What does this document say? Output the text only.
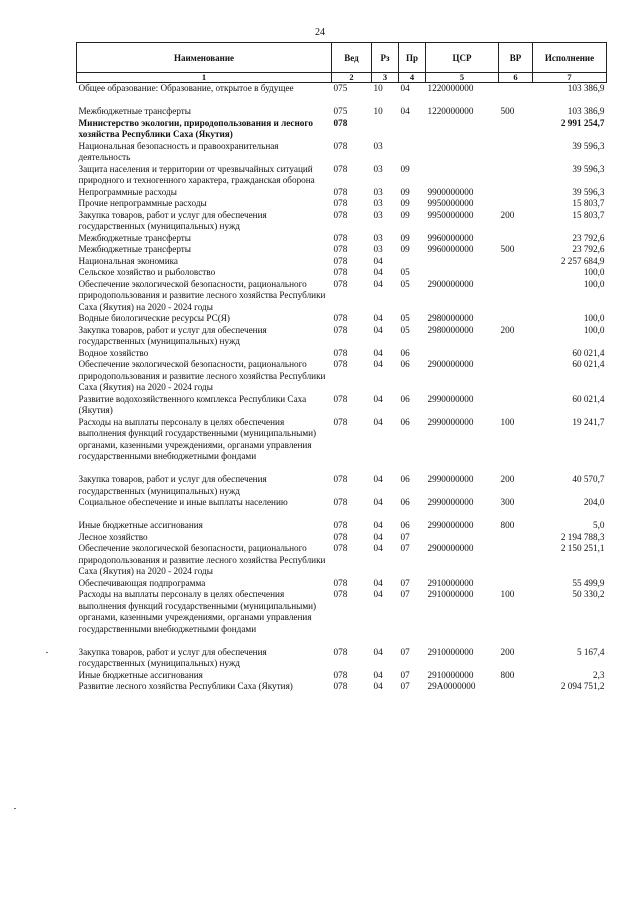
24
Наименование	Вед	Рз	Пр	ЦСР	ВР	Исполнение
1	2	3	4	5	6	7
Общее образование: Образование, открытое в будущее	075	10	04	1220000000		103 386,9

Межбюджетные трансферты	075	10	04	1220000000	500	103 386,9
Министерство экологии, природопользования и лесного хозяйства Республики Саха (Якутия)	078					2 991 254,7
Национальная безопасность и правоохранительная деятельность	078	03				39 596,3
Защита населения и территории от чрезвычайных ситуаций природного и техногенного характера, гражданская оборона	078	03	09			39 596,3
Непрограммные расходы	078	03	09	9900000000		39 596,3
Прочие непрограммные расходы	078	03	09	9950000000		15 803,7
Закупка товаров, работ и услуг для обеспечения государственных (муниципальных) нужд	078	03	09	9950000000	200	15 803,7
Межбюджетные трансферты	078	03	09	9960000000		23 792,6
Межбюджетные трансферты	078	03	09	9960000000	500	23 792,6
Национальная экономика	078	04				2 257 684,9
Сельское хозяйство и рыболовство	078	04	05			100,0
Обеспечение экологической безопасности, рационального природопользования и развитие лесного хозяйства Республики Саха (Якутия) на 2020 - 2024 годы	078	04	05	2900000000		100,0
Водные биологические ресурсы РС(Я)	078	04	05	2980000000		100,0
Закупка товаров, работ и услуг для обеспечения государственных (муниципальных) нужд	078	04	05	2980000000	200	100,0
Водное хозяйство	078	04	06			60 021,4
Обеспечение экологической безопасности, рационального природопользования и развитие лесного хозяйства Республики Саха (Якутия) на 2020 - 2024 годы	078	04	06	2900000000		60 021,4
Развитие водохозяйственного комплекса Республики Саха (Якутия)	078	04	06	2990000000		60 021,4
Расходы на выплаты персоналу в целях обеспечения выполнения функций государственными (муниципальными) органами, казенными учреждениями, органами управления государственными внебюджетными фондами	078	04	06	2990000000	100	19 241,7

Закупка товаров, работ и услуг для обеспечения государственных (муниципальных) нужд	078	04	06	2990000000	200	40 570,7
Социальное обеспечение и иные выплаты населению	078	04	06	2990000000	300	204,0

Иные бюджетные ассигнования	078	04	06	2990000000	800	5,0
Лесное хозяйство	078	04	07			2 194 788,3
Обеспечение экологической безопасности, рационального природопользования и развитие лесного хозяйства Республики Саха (Якутия) на 2020 - 2024 годы	078	04	07	2900000000		2 150 251,1
Обеспечивающая подпрограмма	078	04	07	2910000000		55 499,9
Расходы на выплаты персоналу в целях обеспечения выполнения функций государственными (муниципальными) органами, казенными учреждениями, органами управления государственными внебюджетными фондами	078	04	07	2910000000	100	50 330,2

Закупка товаров, работ и услуг для обеспечения государственных (муниципальных) нужд	078	04	07	2910000000	200	5 167,4
Иные бюджетные ассигнования	078	04	07	2910000000	800	2,3
Развитие лесного хозяйства Республики Саха (Якутия)	078	04	07	29А0000000		2 094 751,2
